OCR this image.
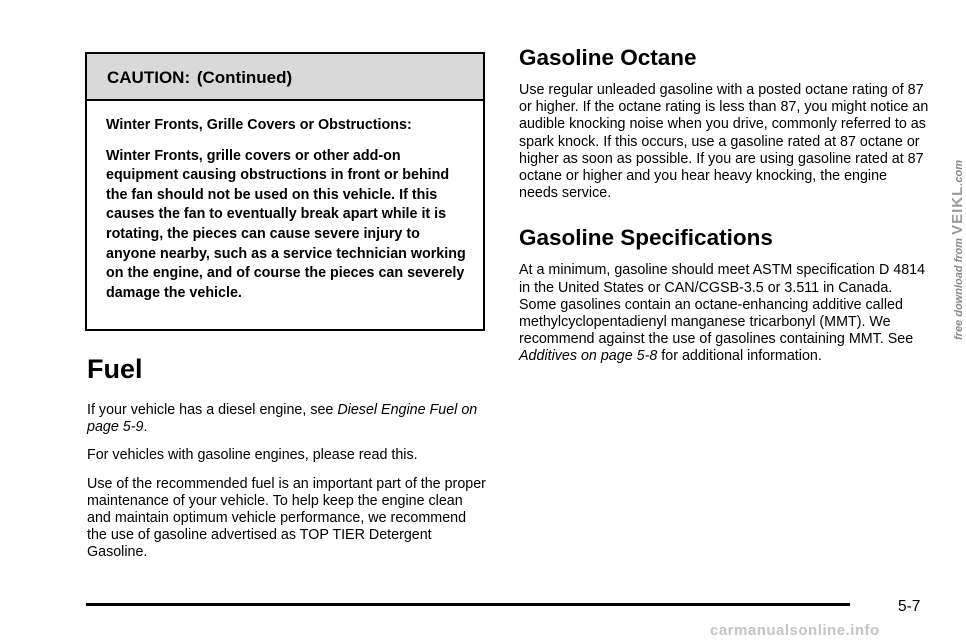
CAUTION: (Continued)

Winter Fronts, Grille Covers or Obstructions:

Winter Fronts, grille covers or other add-on equipment causing obstructions in front or behind the fan should not be used on this vehicle. If this causes the fan to eventually break apart while it is rotating, the pieces can cause severe injury to anyone nearby, such as a service technician working on the engine, and of course the pieces can severely damage the vehicle.

Fuel

If your vehicle has a diesel engine, see Diesel Engine Fuel on page 5-9.

For vehicles with gasoline engines, please read this.

Use of the recommended fuel is an important part of the proper maintenance of your vehicle. To help keep the engine clean and maintain optimum vehicle performance, we recommend the use of gasoline advertised as TOP TIER Detergent Gasoline.

Gasoline Octane

Use regular unleaded gasoline with a posted octane rating of 87 or higher. If the octane rating is less than 87, you might notice an audible knocking noise when you drive, commonly referred to as spark knock. If this occurs, use a gasoline rated at 87 octane or higher as soon as possible. If you are using gasoline rated at 87 octane or higher and you hear heavy knocking, the engine needs service.

Gasoline Specifications

At a minimum, gasoline should meet ASTM specification D 4814 in the United States or CAN/CGSB-3.5 or 3.511 in Canada. Some gasolines contain an octane-enhancing additive called methylcyclopentadienyl manganese tricarbonyl (MMT). We recommend against the use of gasolines containing MMT. See Additives on page 5-8 for additional information.

5-7
free download from VEIKL.com
carmanualsonline.info
